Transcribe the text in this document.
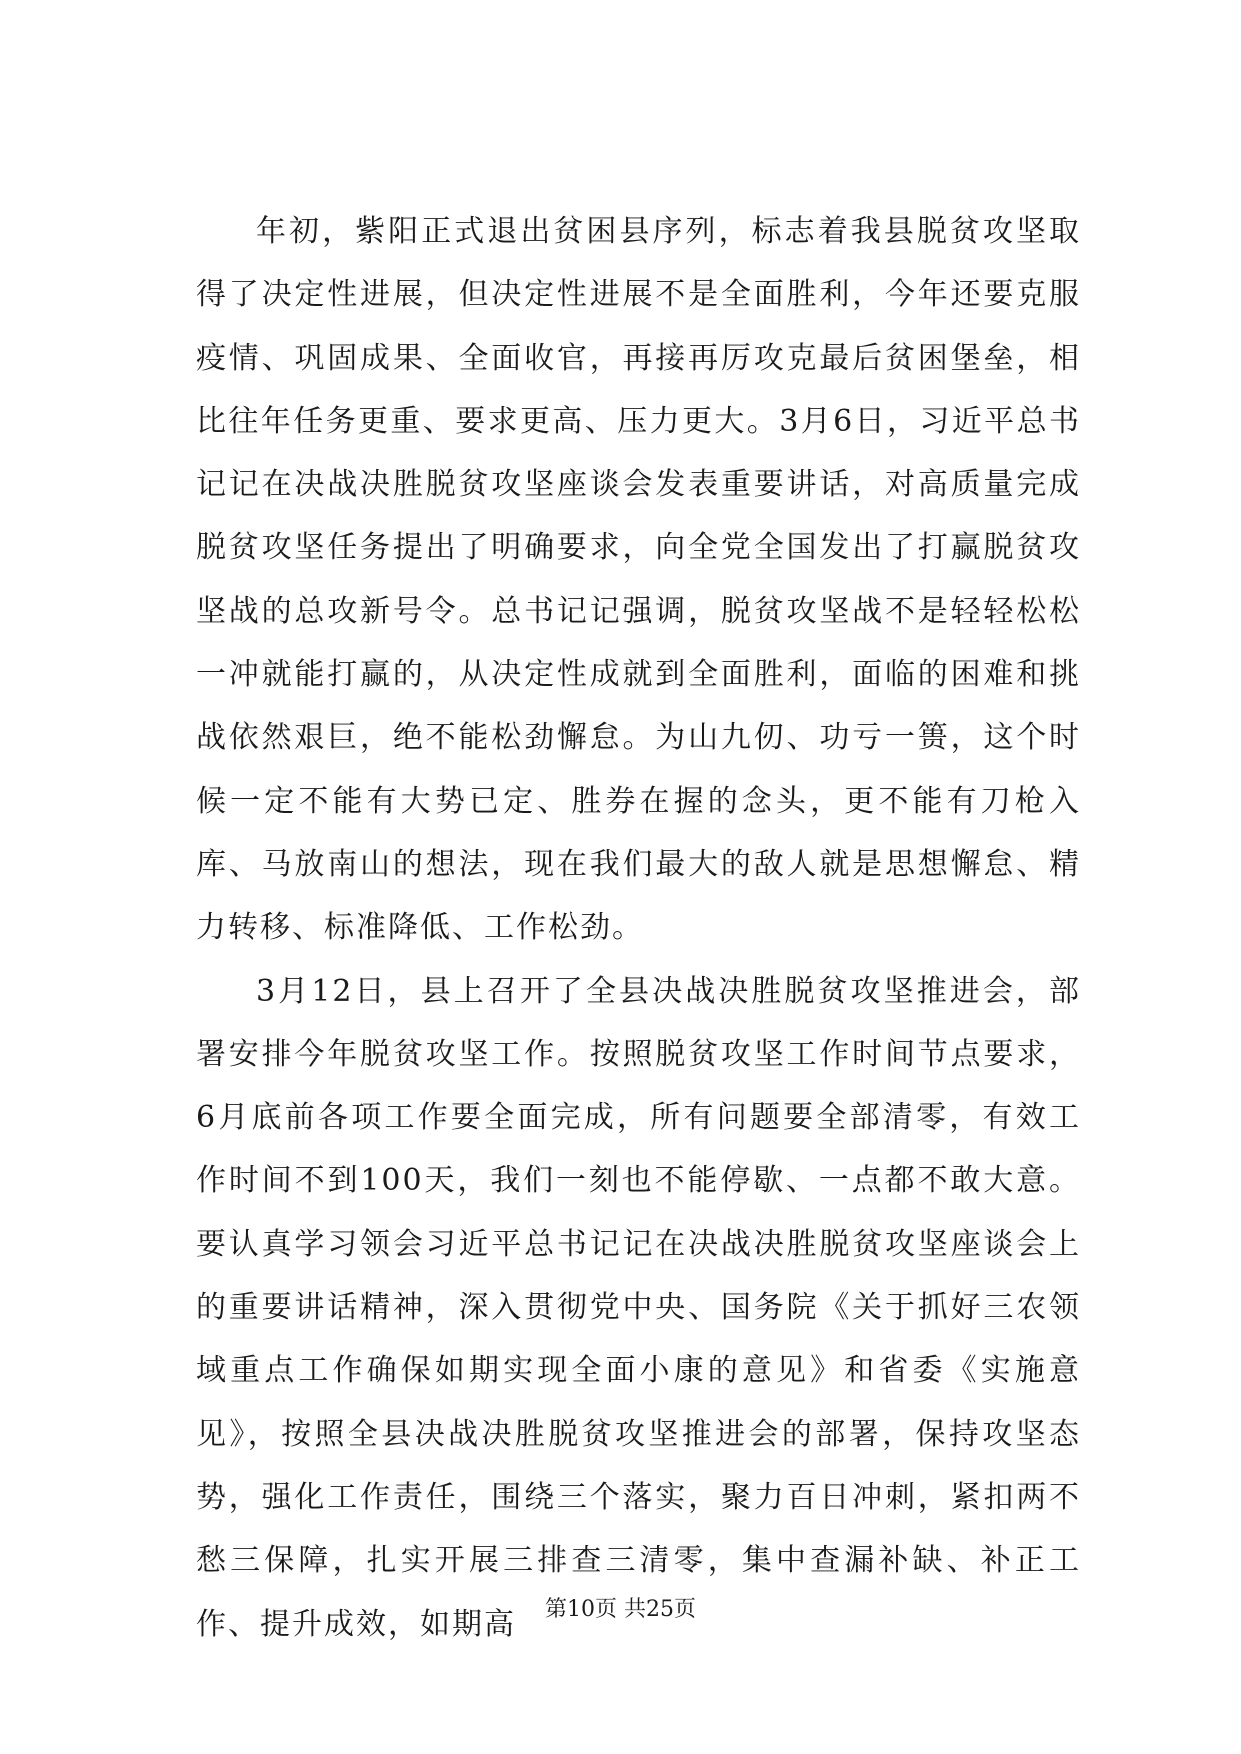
年初，紫阳正式退出贫困县序列，标志着我县脱贫攻坚取得了决定性进展，但决定性进展不是全面胜利，今年还要克服疫情、巩固成果、全面收官，再接再厉攻克最后贫困堡垒，相比往年任务更重、要求更高、压力更大。3月6日，习近平总书记记在决战决胜脱贫攻坚座谈会发表重要讲话，对高质量完成脱贫攻坚任务提出了明确要求，向全党全国发出了打赢脱贫攻坚战的总攻新号令。总书记记强调，脱贫攻坚战不是轻轻松松一冲就能打赢的，从决定性成就到全面胜利，面临的困难和挑战依然艰巨，绝不能松劲懈怠。为山九仞、功亏一篑，这个时候一定不能有大势已定、胜券在握的念头，更不能有刀枪入库、马放南山的想法，现在我们最大的敌人就是思想懈怠、精力转移、标准降低、工作松劲。

3月12日，县上召开了全县决战决胜脱贫攻坚推进会，部署安排今年脱贫攻坚工作。按照脱贫攻坚工作时间节点要求，6月底前各项工作要全面完成，所有问题要全部清零，有效工作时间不到100天，我们一刻也不能停歇、一点都不敢大意。要认真学习领会习近平总书记记在决战决胜脱贫攻坚座谈会上的重要讲话精神，深入贯彻党中央、国务院《关于抓好三农领域重点工作确保如期实现全面小康的意见》和省委《实施意见》，按照全县决战决胜脱贫攻坚推进会的部署，保持攻坚态势，强化工作责任，围绕三个落实，聚力百日冲刺，紧扣两不愁三保障，扎实开展三排查三清零，集中查漏补缺、补正工作、提升成效，如期高	第10页 共25页
